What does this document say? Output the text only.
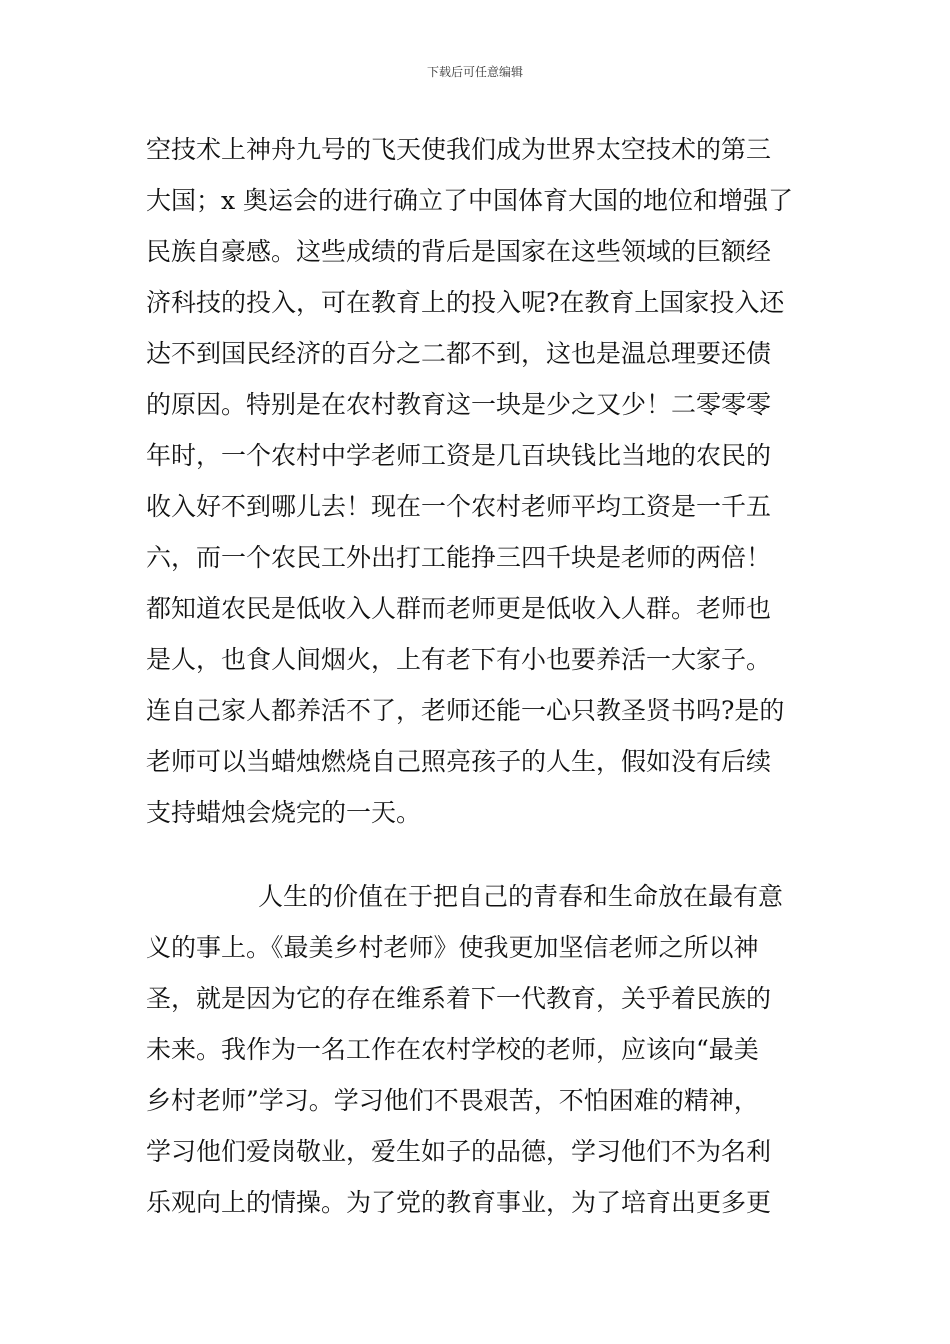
下载后可任意编辑
空技术上神舟九号的飞天使我们成为世界太空技术的第三
大国；x 奥运会的进行确立了中国体育大国的地位和增强了
民族自豪感。这些成绩的背后是国家在这些领域的巨额经
济科技的投入，可在教育上的投入呢?在教育上国家投入还
达不到国民经济的百分之二都不到，这也是温总理要还债
的原因。特别是在农村教育这一块是少之又少！二零零零
年时，一个农村中学老师工资是几百块钱比当地的农民的
收入好不到哪儿去！现在一个农村老师平均工资是一千五
六，而一个农民工外出打工能挣三四千块是老师的两倍！
都知道农民是低收入人群而老师更是低收入人群。老师也
是人，也食人间烟火，上有老下有小也要养活一大家子。
连自己家人都养活不了，老师还能一心只教圣贤书吗?是的
老师可以当蜡烛燃烧自己照亮孩子的人生，假如没有后续
支持蜡烛会烧完的一天。
人生的价值在于把自己的青春和生命放在最有意
义的事上。《最美乡村老师》使我更加坚信老师之所以神
圣，就是因为它的存在维系着下一代教育，关乎着民族的
未来。我作为一名工作在农村学校的老师，应该向“最美
乡村老师”学习。学习他们不畏艰苦，不怕困难的精神，
学习他们爱岗敬业，爱生如子的品德，学习他们不为名利
乐观向上的情操。为了党的教育事业，为了培育出更多更
